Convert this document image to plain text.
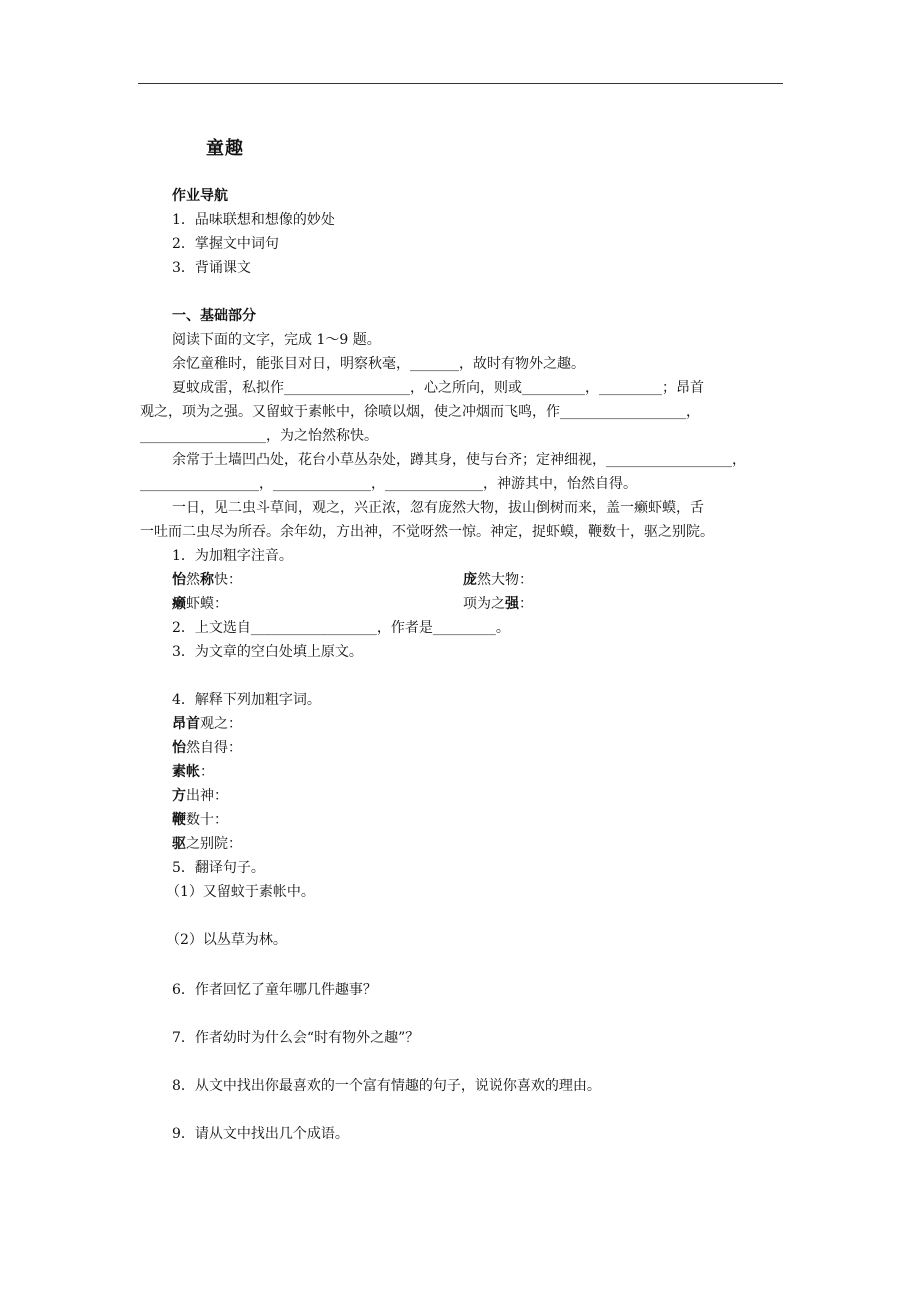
童趣
作业导航
1．品味联想和想像的妙处
2．掌握文中词句
3．背诵课文
一、基础部分
阅读下面的文字，完成 1～9 题。
余忆童稚时，能张目对日，明察秋毫，_______，故时有物外之趣。
夏蚊成雷，私拟作__________________，心之所向，则或_________，_________；昂首
观之，项为之强。又留蚊于素帐中，徐喷以烟，使之冲烟而飞鸣，作__________________，
__________________，为之怡然称快。
余常于土墙凹凸处，花台小草丛杂处，蹲其身，使与台齐；定神细视，__________________，
_________________，______________，______________，神游其中，怡然自得。
一日，见二虫斗草间，观之，兴正浓，忽有庞然大物，拔山倒树而来，盖一癞虾蟆，舌
一吐而二虫尽为所吞。余年幼，方出神，不觉呀然一惊。神定，捉虾蟆，鞭数十，驱之别院。
1．为加粗字注音。
怡然称快：	庞然大物：
癞虾蟆：	项为之强：
2．上文选自__________________，作者是_________。
3．为文章的空白处填上原文。
4．解释下列加粗字词。
昂首观之：
怡然自得：
素帐：
方出神：
鞭数十：
驱之别院：
5．翻译句子。
（1）又留蚊于素帐中。
（2）以丛草为林。
6．作者回忆了童年哪几件趣事？
7．作者幼时为什么会“时有物外之趣”？
8．从文中找出你最喜欢的一个富有情趣的句子，说说你喜欢的理由。
9．请从文中找出几个成语。
